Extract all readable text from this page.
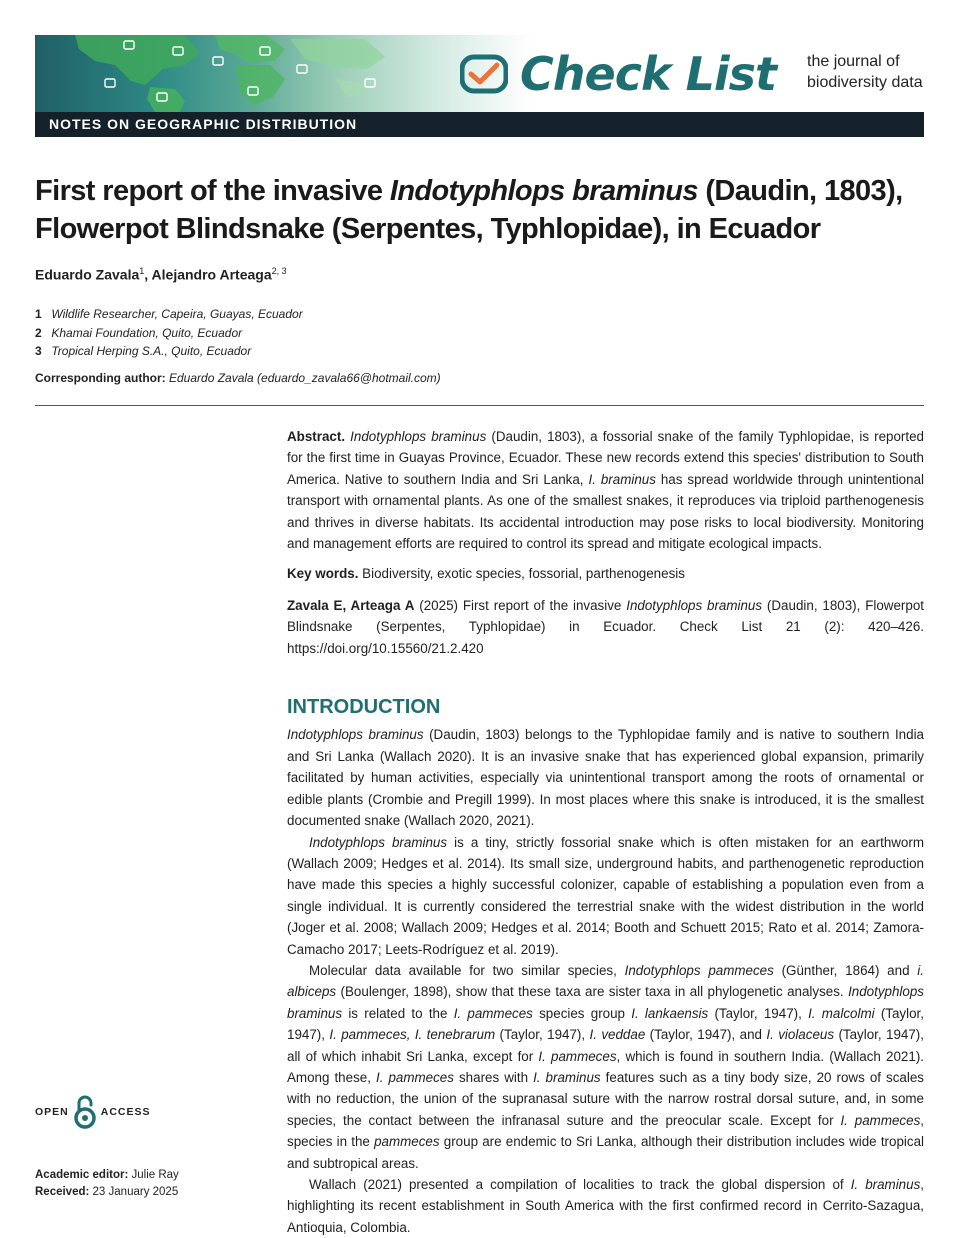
Check List the journal of
biodiversity data
NOTES ON GEOGRAPHIC DISTRIBUTION
First report of the invasive Indotyphlops braminus (Daudin, 1803), Flowerpot Blindsnake (Serpentes, Typhlopidae), in Ecuador
Eduardo Zavala$^1$, Alejandro Arteaga$^{2, 3}$
1 Wildlife Researcher, Capeira, Guayas, Ecuador
2 Khamai Foundation, Quito, Ecuador
3 Tropical Herping S.A., Quito, Ecuador
Corresponding author: Eduardo Zavala (eduardo_zavala66@hotmail.com)

Abstract. Indotyphlops braminus (Daudin, 1803), a fossorial snake of the family Typhlopidae, is reported for the first time in Guayas Province, Ecuador. These new records extend this species' distribution to South America. Native to southern India and Sri Lanka, I. braminus has spread worldwide through unintentional transport with ornamental plants. As one of the smallest snakes, it reproduces via triploid parthenogenesis and thrives in diverse habitats. Its accidental introduction may pose risks to local biodiversity. Monitoring and management efforts are required to control its spread and mitigate ecological impacts.

Key words. Biodiversity, exotic species, fossorial, parthenogenesis

Zavala E, Arteaga A (2025) First report of the invasive Indotyphlops braminus (Daudin, 1803), Flowerpot Blindsnake (Serpentes, Typhlopidae) in Ecuador. Check List 21 (2): 420–426. https://doi.org/10.15560/21.2.420

INTRODUCTION

Indotyphlops braminus (Daudin, 1803) belongs to the Typhlopidae family and is native to southern India and Sri Lanka (Wallach 2020). It is an invasive snake that has experienced global expansion, primarily facilitated by human activities, especially via unintentional transport among the roots of ornamental or edible plants (Crombie and Pregill 1999). In most places where this snake is introduced, it is the smallest documented snake (Wallach 2020, 2021).

Indotyphlops braminus is a tiny, strictly fossorial snake which is often mistaken for an earthworm (Wallach 2009; Hedges et al. 2014). Its small size, underground habits, and parthenogenetic reproduction have made this species a highly successful colonizer, capable of establishing a population even from a single individual. It is currently considered the terrestrial snake with the widest distribution in the world (Joger et al. 2008; Wallach 2009; Hedges et al. 2014; Booth and Schuett 2015; Rato et al. 2014; Zamora-Camacho 2017; Leets-Rodríguez et al. 2019).

Molecular data available for two similar species, Indotyphlops pammeces (Günther, 1864) and i. albiceps (Boulenger, 1898), show that these taxa are sister taxa in all phylogenetic analyses. Indotyphlops braminus is related to the I. pammeces species group I. lankaensis (Taylor, 1947), I. malcolmi (Taylor, 1947), I. pammeces, I. tenebrarum (Taylor, 1947), I. veddae (Taylor, 1947), and I. violaceus (Taylor, 1947), all of which inhabit Sri Lanka, except for I. pammeces, which is found in southern India. (Wallach 2021). Among these, I. pammeces shares with I. braminus features such as a tiny body size, 20 rows of scales with no reduction, the union of the supranasal suture with the narrow rostral dorsal suture, and, in some species, the contact between the infranasal suture and the preocular scale. Except for I. pammeces, species in the pammeces group are endemic to Sri Lanka, although their distribution includes wide tropical and subtropical areas.

Wallach (2021) presented a compilation of localities to track the global dispersion of I. braminus, highlighting its recent establishment in South America with the first confirmed record in Cerrito-Sazagua, Antioquia, Colombia.

OPEN	ACCESS
Academic editor: Julie Ray
Received: 23 January 2025
